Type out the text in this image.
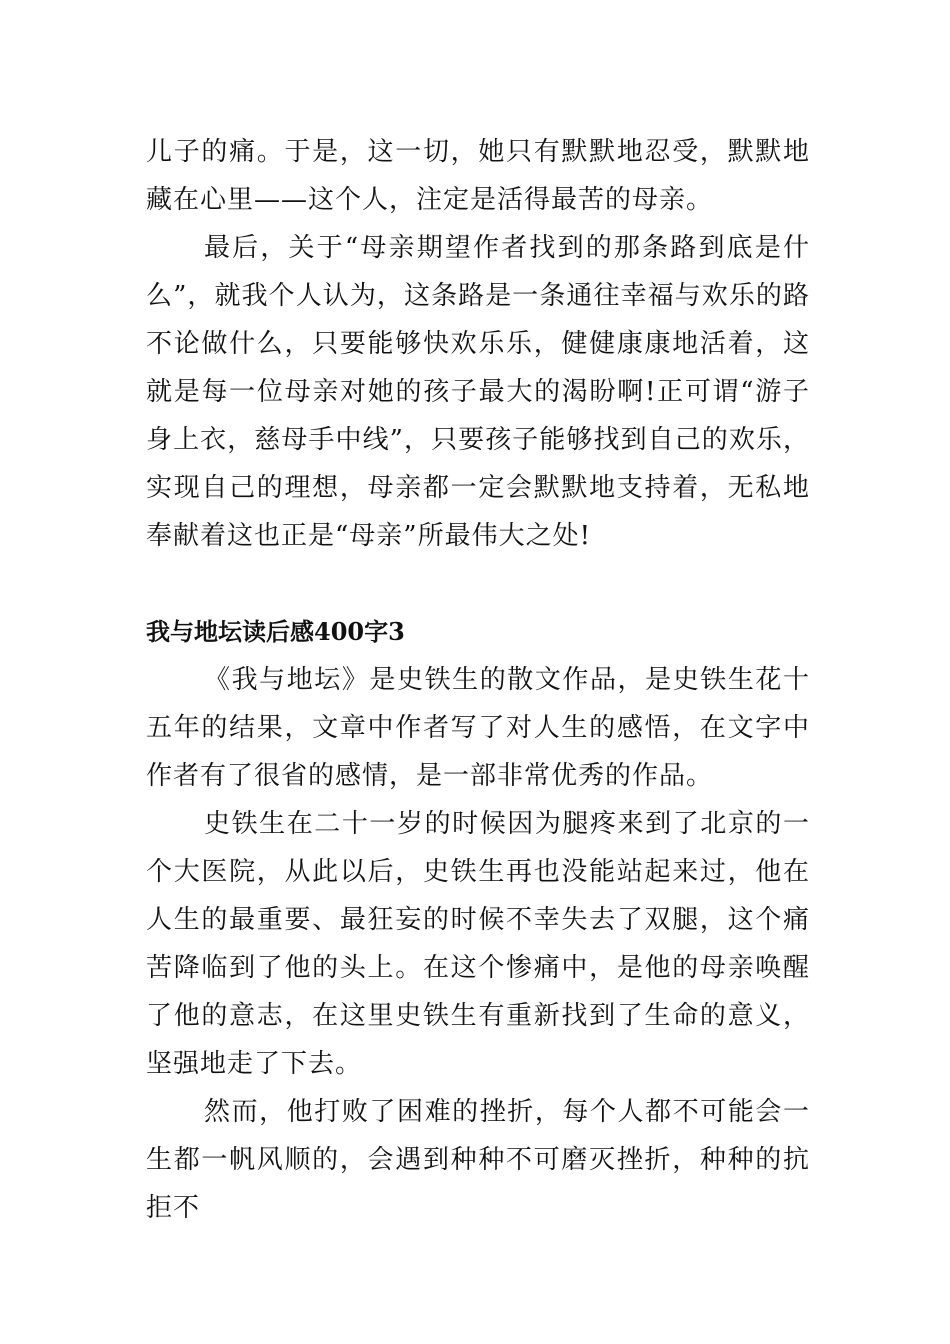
儿子的痛。于是，这一切，她只有默默地忍受，默默地藏在心里——这个人，注定是活得最苦的母亲。

最后，关于“母亲期望作者找到的那条路到底是什么”，就我个人认为，这条路是一条通往幸福与欢乐的路不论做什么，只要能够快欢乐乐，健健康康地活着，这就是每一位母亲对她的孩子最大的渴盼啊!正可谓“游子身上衣，慈母手中线”，只要孩子能够找到自己的欢乐，实现自己的理想，母亲都一定会默默地支持着，无私地奉献着这也正是“母亲”所最伟大之处!

我与地坛读后感400字3

《我与地坛》是史铁生的散文作品，是史铁生花十五年的结果，文章中作者写了对人生的感悟，在文字中作者有了很省的感情，是一部非常优秀的作品。

史铁生在二十一岁的时候因为腿疼来到了北京的一个大医院，从此以后，史铁生再也没能站起来过，他在人生的最重要、最狂妄的时候不幸失去了双腿，这个痛苦降临到了他的头上。在这个惨痛中，是他的母亲唤醒了他的意志，在这里史铁生有重新找到了生命的意义，坚强地走了下去。

然而，他打败了困难的挫折，每个人都不可能会一生都一帆风顺的，会遇到种种不可磨灭挫折，种种的抗拒不
